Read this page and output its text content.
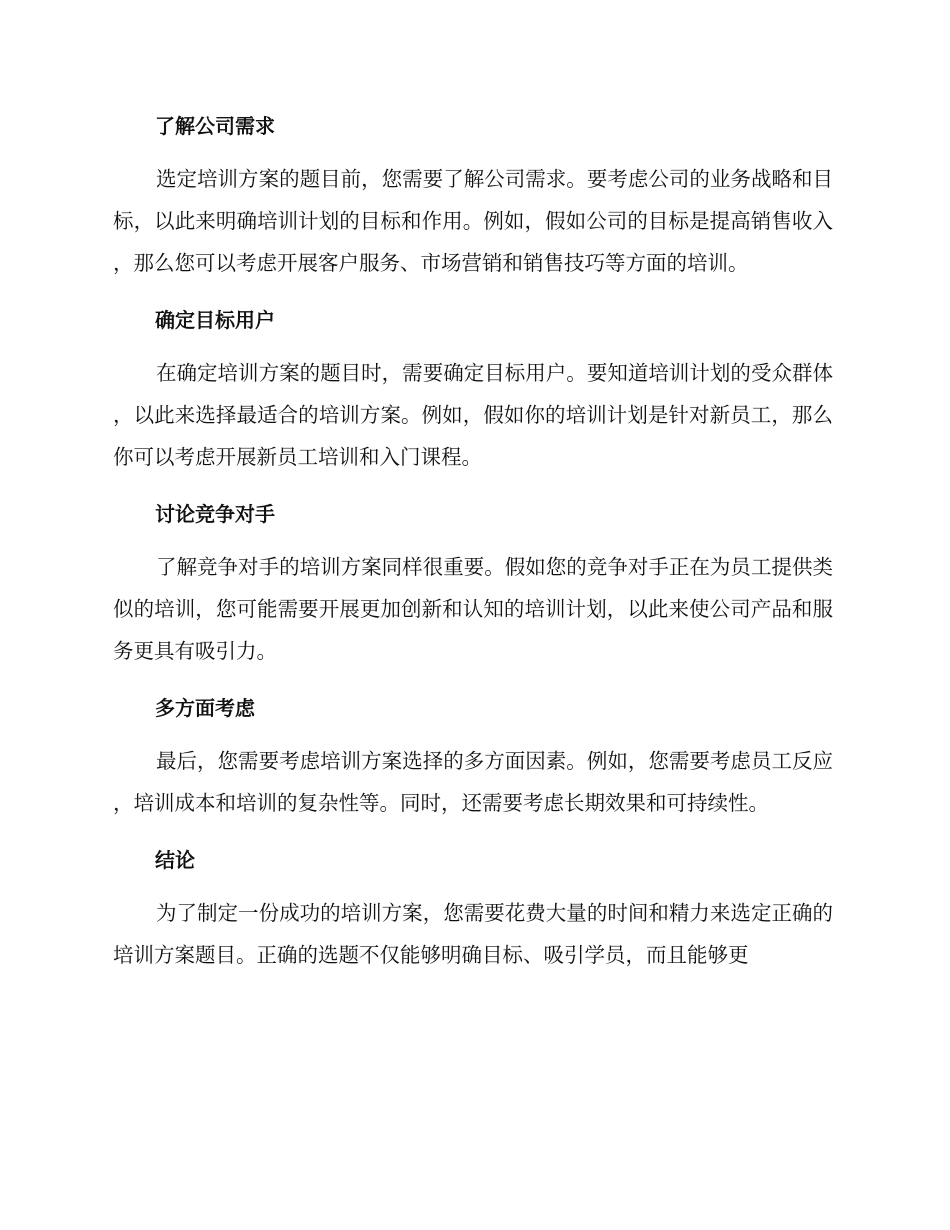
了解公司需求

选定培训方案的题目前，您需要了解公司需求。要考虑公司的业务战略和目标，以此来明确培训计划的目标和作用。例如，假如公司的目标是提高销售收入，那么您可以考虑开展客户服务、市场营销和销售技巧等方面的培训。

确定目标用户

在确定培训方案的题目时，需要确定目标用户。要知道培训计划的受众群体，以此来选择最适合的培训方案。例如，假如你的培训计划是针对新员工，那么你可以考虑开展新员工培训和入门课程。

讨论竞争对手

了解竞争对手的培训方案同样很重要。假如您的竞争对手正在为员工提供类似的培训，您可能需要开展更加创新和认知的培训计划，以此来使公司产品和服务更具有吸引力。

多方面考虑

最后，您需要考虑培训方案选择的多方面因素。例如，您需要考虑员工反应，培训成本和培训的复杂性等。同时，还需要考虑长期效果和可持续性。

结论

为了制定一份成功的培训方案，您需要花费大量的时间和精力来选定正确的培训方案题目。正确的选题不仅能够明确目标、吸引学员，而且能够更
